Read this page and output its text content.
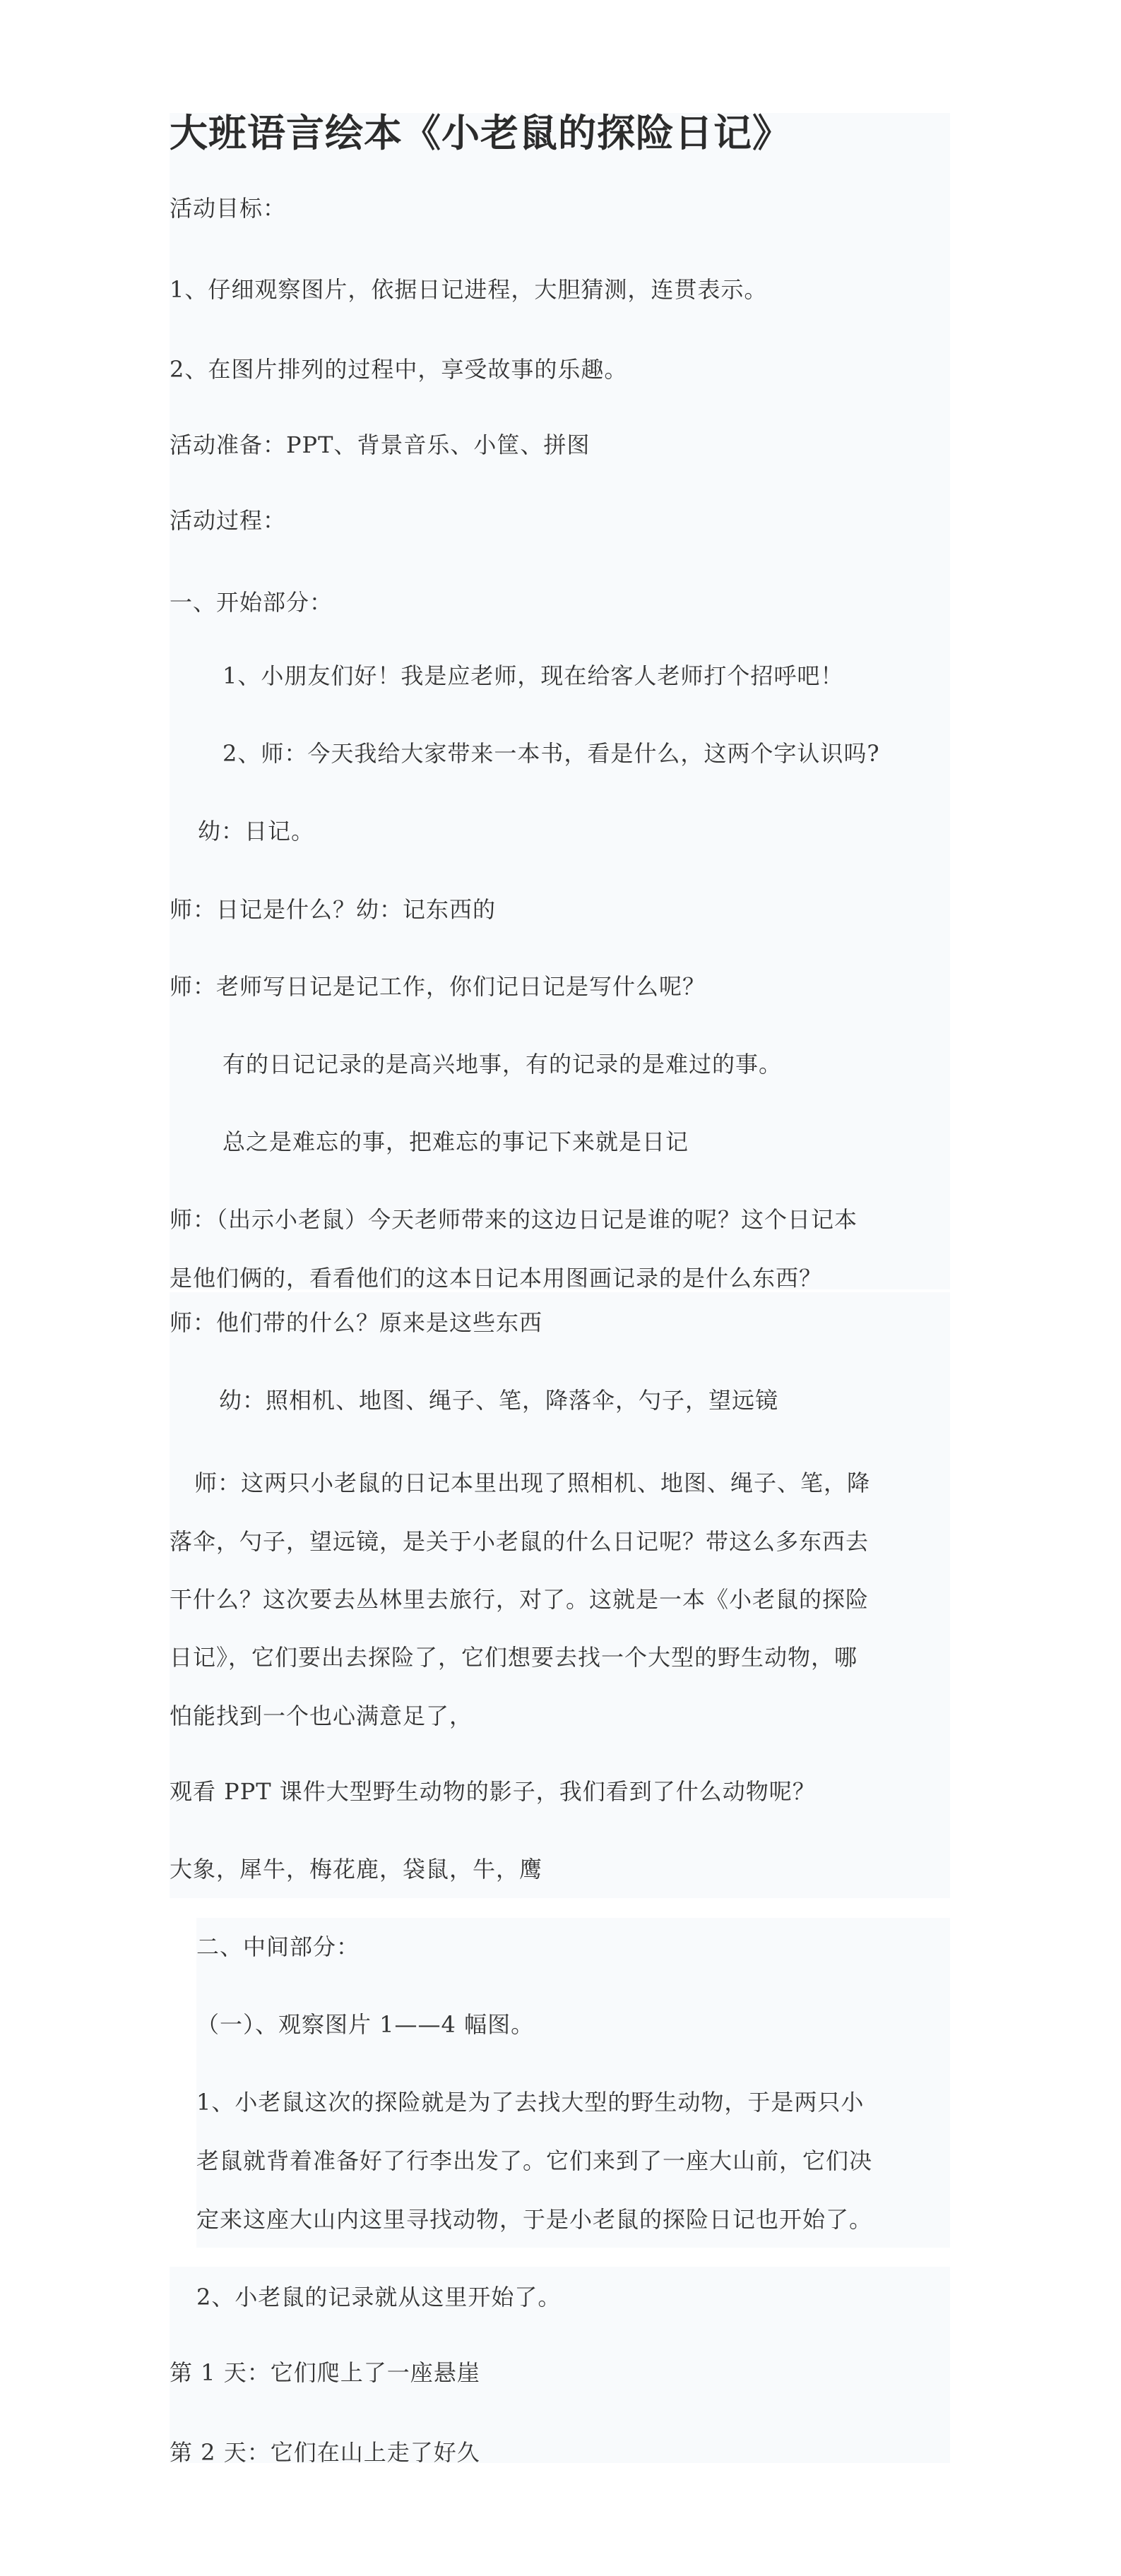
大班语言绘本《小老鼠的探险日记》
活动目标：
1、仔细观察图片，依据日记进程，大胆猜测，连贯表示。
2、在图片排列的过程中，享受故事的乐趣。
活动准备：PPT、背景音乐、小筐、拼图
活动过程：
一、开始部分：
1、小朋友们好！我是应老师，现在给客人老师打个招呼吧！
2、师：今天我给大家带来一本书，看是什么，这两个字认识吗?
幼：日记。
师：日记是什么？幼：记东西的
师：老师写日记是记工作，你们记日记是写什么呢？
有的日记记录的是高兴地事，有的记录的是难过的事。
总之是难忘的事，把难忘的事记下来就是日记
师：（出示小老鼠）今天老师带来的这边日记是谁的呢？这个日记本
是他们俩的，看看他们的这本日记本用图画记录的是什么东西？
师：他们带的什么？原来是这些东西
幼：照相机、地图、绳子、笔，降落伞，勺子，望远镜
师：这两只小老鼠的日记本里出现了照相机、地图、绳子、笔，降
落伞，勺子，望远镜，是关于小老鼠的什么日记呢？带这么多东西去
干什么？这次要去丛林里去旅行，对了。这就是一本《小老鼠的探险
日记》，它们要出去探险了，它们想要去找一个大型的野生动物，哪
怕能找到一个也心满意足了，
观看 PPT 课件大型野生动物的影子，我们看到了什么动物呢？
大象，犀牛，梅花鹿，袋鼠，牛，鹰
二、中间部分：
（一）、观察图片 1——4 幅图。
1、小老鼠这次的探险就是为了去找大型的野生动物，于是两只小
老鼠就背着准备好了行李出发了。它们来到了一座大山前，它们决
定来这座大山内这里寻找动物，于是小老鼠的探险日记也开始了。
2、小老鼠的记录就从这里开始了。
第 1 天：它们爬上了一座悬崖
第 2 天：它们在山上走了好久
